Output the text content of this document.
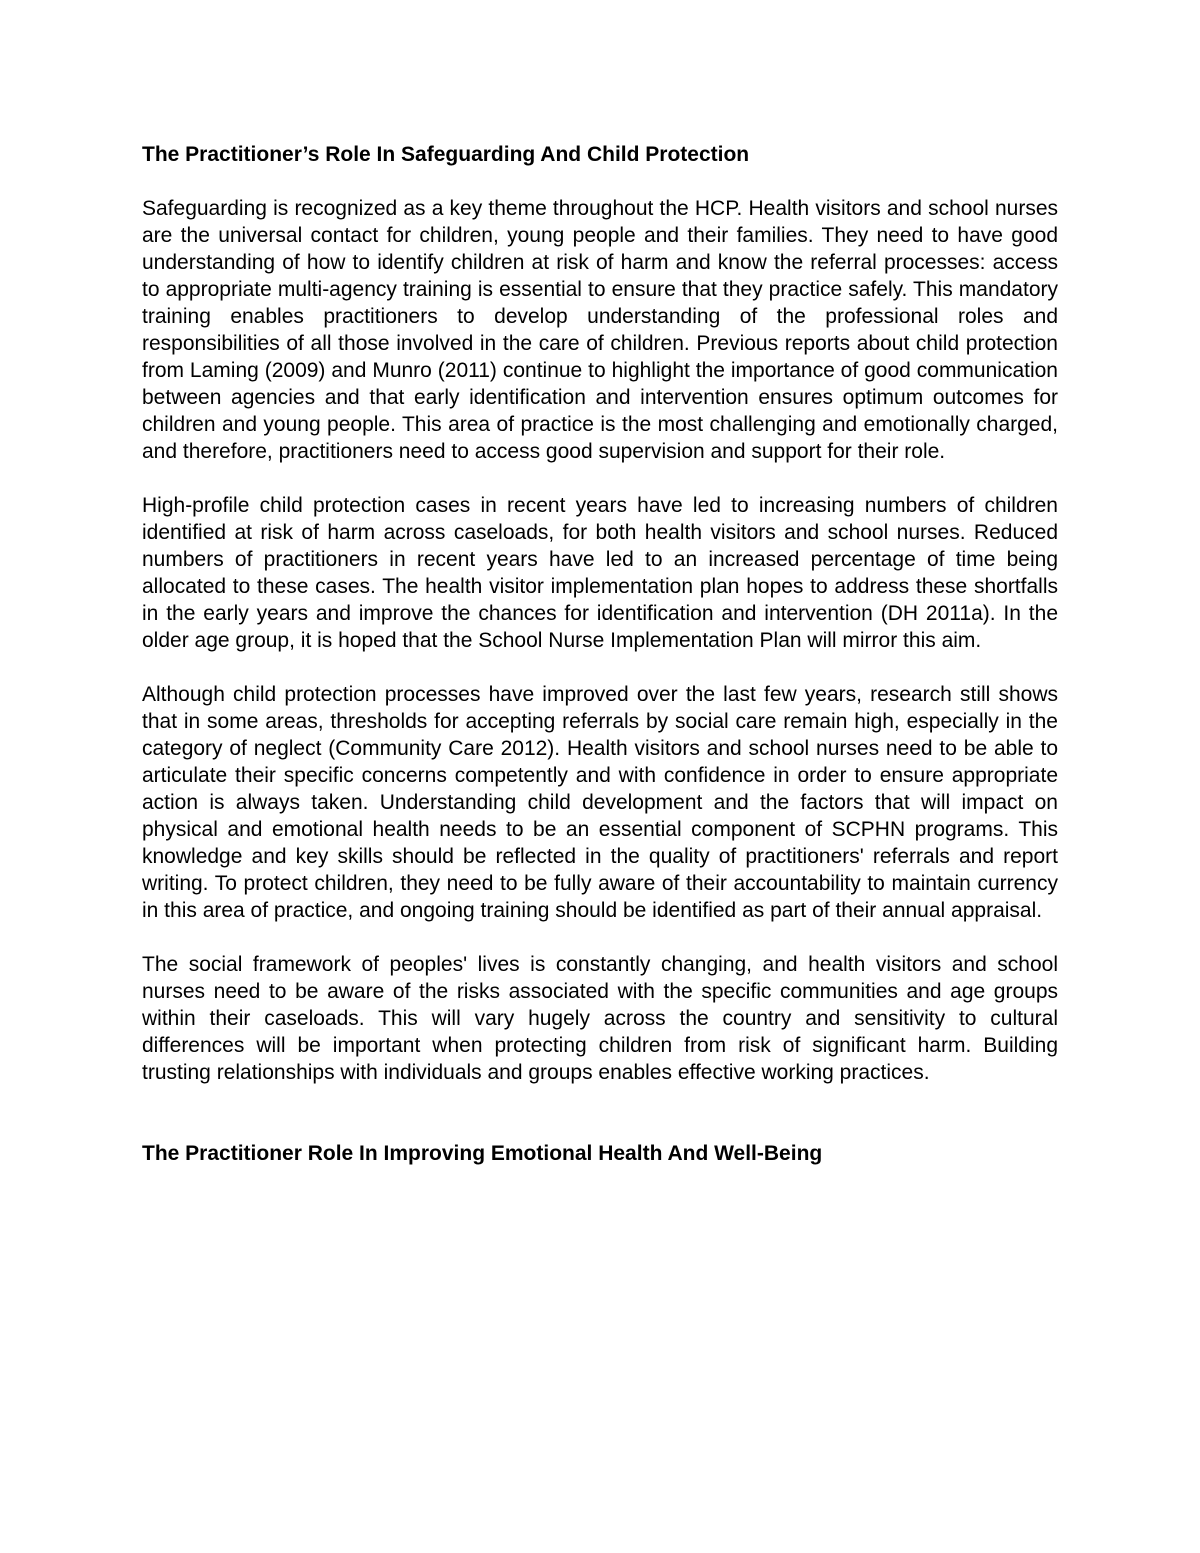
The Practitioner’s Role In Safeguarding And Child Protection

Safeguarding is recognized as a key theme throughout the HCP. Health visitors and school nurses are the universal contact for children, young people and their families. They need to have good understanding of how to identify children at risk of harm and know the referral processes: access to appropriate multi-agency training is essential to ensure that they practice safely. This mandatory training enables practitioners to develop understanding of the professional roles and responsibilities of all those involved in the care of children. Previous reports about child protection from Laming (2009) and Munro (2011) continue to highlight the importance of good communication between agencies and that early identification and intervention ensures optimum outcomes for children and young people. This area of practice is the most challenging and emotionally charged, and therefore, practitioners need to access good supervision and support for their role.

High-profile child protection cases in recent years have led to increasing numbers of children identified at risk of harm across caseloads, for both health visitors and school nurses. Reduced numbers of practitioners in recent years have led to an increased percentage of time being allocated to these cases. The health visitor implementation plan hopes to address these shortfalls in the early years and improve the chances for identification and intervention (DH 2011a). In the older age group, it is hoped that the School Nurse Implementation Plan will mirror this aim.

Although child protection processes have improved over the last few years, research still shows that in some areas, thresholds for accepting referrals by social care remain high, especially in the category of neglect (Community Care 2012). Health visitors and school nurses need to be able to articulate their specific concerns competently and with confidence in order to ensure appropriate action is always taken. Understanding child development and the factors that will impact on physical and emotional health needs to be an essential component of SCPHN programs. This knowledge and key skills should be reflected in the quality of practitioners' referrals and report writing. To protect children, they need to be fully aware of their accountability to maintain currency in this area of practice, and ongoing training should be identified as part of their annual appraisal.

The social framework of peoples' lives is constantly changing, and health visitors and school nurses need to be aware of the risks associated with the specific communities and age groups within their caseloads. This will vary hugely across the country and sensitivity to cultural differences will be important when protecting children from risk of significant harm. Building trusting relationships with individuals and groups enables effective working practices.

The Practitioner Role In Improving Emotional Health And Well-Being
